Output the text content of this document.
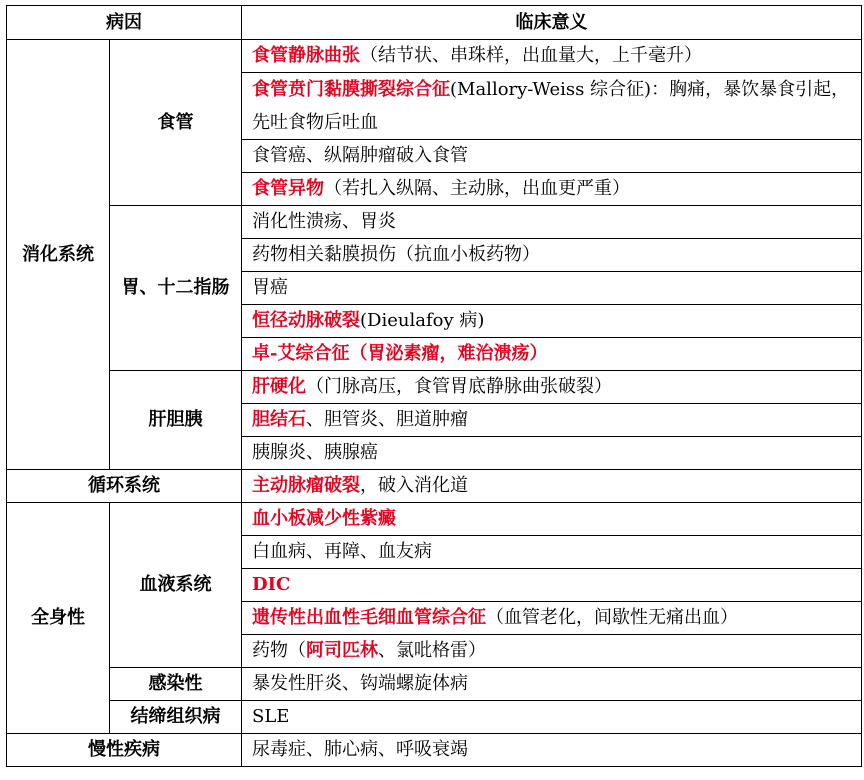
病因		临床意义
消化系统	食管	食管静脉曲张（结节状、串珠样，出血量大，上千毫升）
		食管贲门黏膜撕裂综合征(Mallory-Weiss 综合征)：胸痛，暴饮暴食引起，先吐食物后吐血
		食管癌、纵隔肿瘤破入食管
		食管异物（若扎入纵隔、主动脉，出血更严重）
	胃、十二指肠	消化性溃疡、胃炎
		药物相关黏膜损伤（抗血小板药物）
		胃癌
		恒径动脉破裂(Dieulafoy 病)
		卓-艾综合征（胃泌素瘤，难治溃疡）
	肝胆胰	肝硬化（门脉高压，食管胃底静脉曲张破裂）
		胆结石、胆管炎、胆道肿瘤
		胰腺炎、胰腺癌
循环系统		主动脉瘤破裂，破入消化道
全身性	血液系统	血小板减少性紫癜
		白血病、再障、血友病
		DIC
		遗传性出血性毛细血管综合征（血管老化，间歇性无痛出血）
		药物（阿司匹林、氯吡格雷）
	感染性	暴发性肝炎、钩端螺旋体病
	结缔组织病	SLE
慢性疾病		尿毒症、肺心病、呼吸衰竭
